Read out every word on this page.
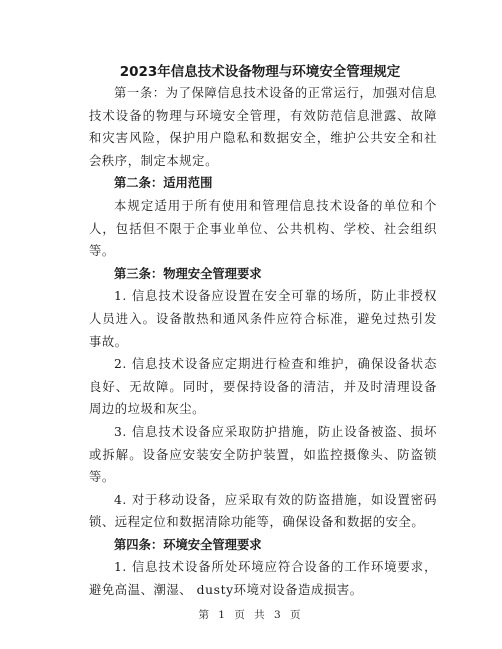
2023年信息技术设备物理与环境安全管理规定

第一条：为了保障信息技术设备的正常运行，加强对信息技术设备的物理与环境安全管理，有效防范信息泄露、故障和灾害风险，保护用户隐私和数据安全，维护公共安全和社会秩序，制定本规定。

第二条：适用范围

本规定适用于所有使用和管理信息技术设备的单位和个人，包括但不限于企事业单位、公共机构、学校、社会组织等。

第三条：物理安全管理要求

1. 信息技术设备应设置在安全可靠的场所，防止非授权人员进入。设备散热和通风条件应符合标准，避免过热引发事故。

2. 信息技术设备应定期进行检查和维护，确保设备状态良好、无故障。同时，要保持设备的清洁，并及时清理设备周边的垃圾和灰尘。

3. 信息技术设备应采取防护措施，防止设备被盗、损坏或拆解。设备应安装安全防护装置，如监控摄像头、防盗锁等。

4. 对于移动设备，应采取有效的防盗措施，如设置密码锁、远程定位和数据清除功能等，确保设备和数据的安全。

第四条：环境安全管理要求

1. 信息技术设备所处环境应符合设备的工作环境要求，避免高温、潮湿、 dusty环境对设备造成损害。

第 1 页 共 3 页
